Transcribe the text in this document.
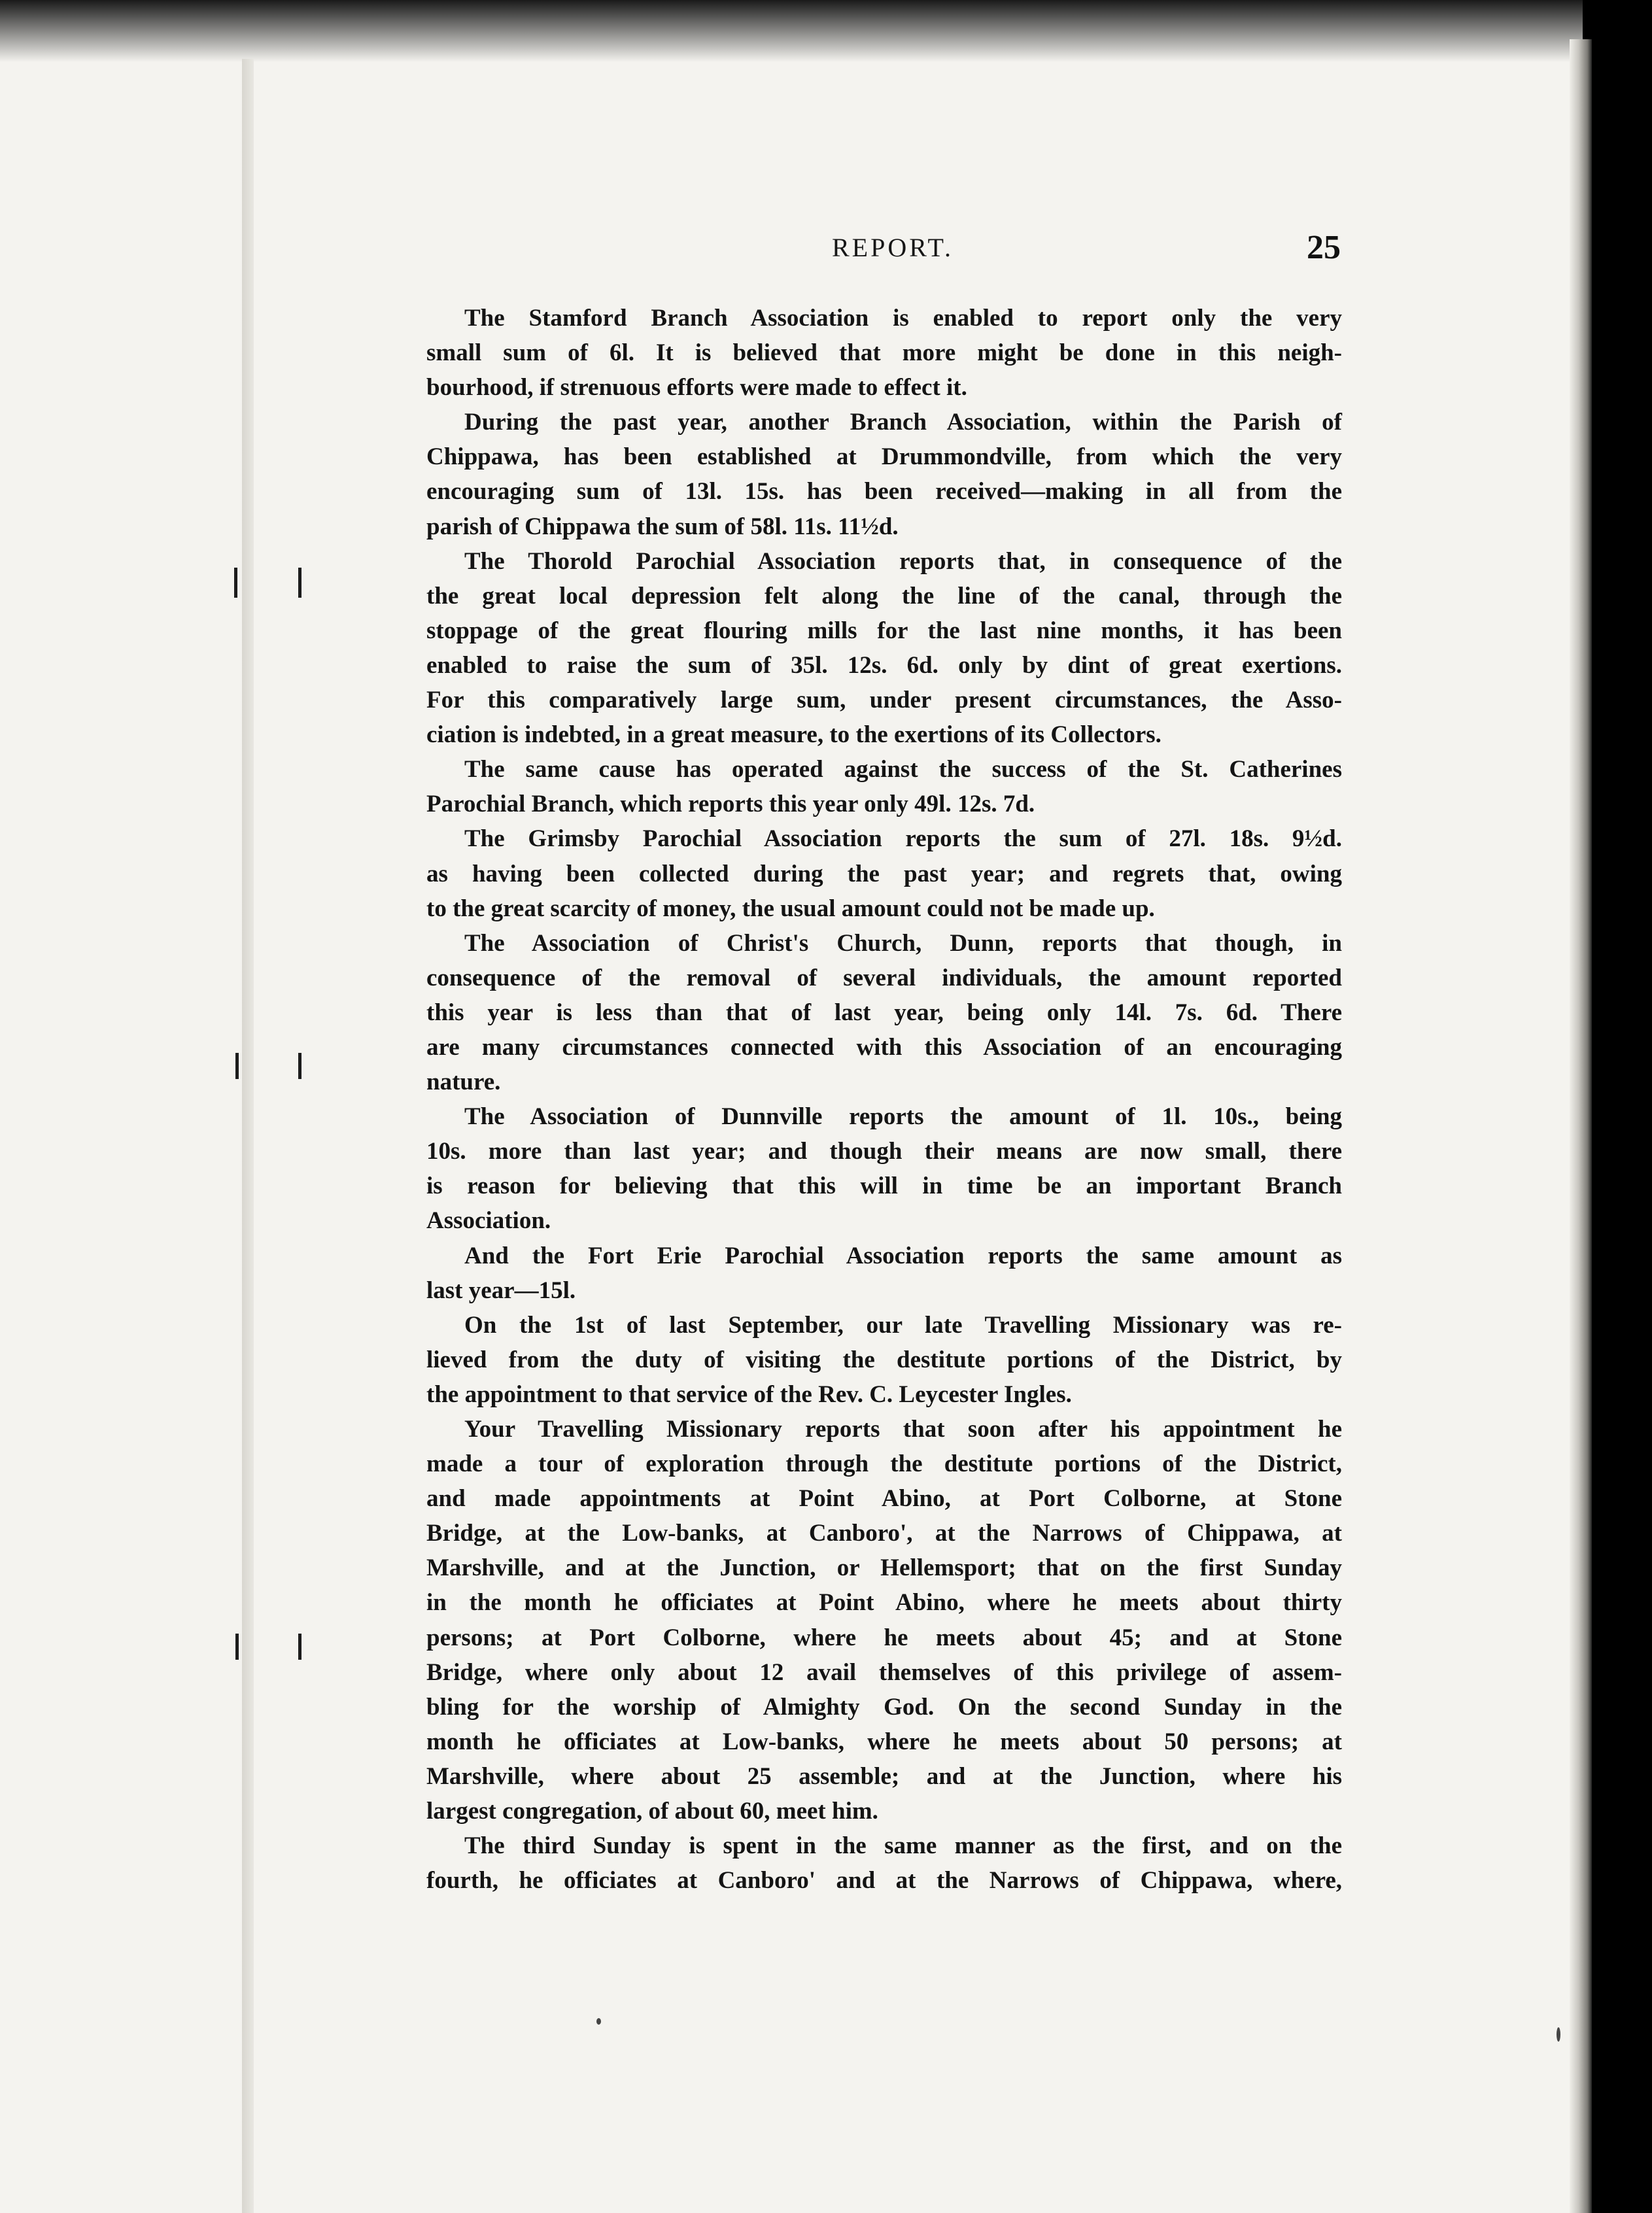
REPORT.	25
The Stamford Branch Association is enabled to report only the very
small sum of 6l. It is believed that more might be done in this neigh-
bourhood, if strenuous efforts were made to effect it.
During the past year, another Branch Association, within the Parish of
Chippawa, has been established at Drummondville, from which the very
encouraging sum of 13l. 15s. has been received—making in all from the
parish of Chippawa the sum of 58l. 11s. 11½d.
The Thorold Parochial Association reports that, in consequence of the
the great local depression felt along the line of the canal, through the
stoppage of the great flouring mills for the last nine months, it has been
enabled to raise the sum of 35l. 12s. 6d. only by dint of great exertions.
For this comparatively large sum, under present circumstances, the Asso-
ciation is indebted, in a great measure, to the exertions of its Collectors.
The same cause has operated against the success of the St. Catherines
Parochial Branch, which reports this year only 49l. 12s. 7d.
The Grimsby Parochial Association reports the sum of 27l. 18s. 9½d.
as having been collected during the past year; and regrets that, owing
to the great scarcity of money, the usual amount could not be made up.
The Association of Christ's Church, Dunn, reports that though, in
consequence of the removal of several individuals, the amount reported
this year is less than that of last year, being only 14l. 7s. 6d. There
are many circumstances connected with this Association of an encouraging
nature.
The Association of Dunnville reports the amount of 1l. 10s., being
10s. more than last year; and though their means are now small, there
is reason for believing that this will in time be an important Branch
Association.
And the Fort Erie Parochial Association reports the same amount as
last year—15l.
On the 1st of last September, our late Travelling Missionary was re-
lieved from the duty of visiting the destitute portions of the District, by
the appointment to that service of the Rev. C. Leycester Ingles.
Your Travelling Missionary reports that soon after his appointment he
made a tour of exploration through the destitute portions of the District,
and made appointments at Point Abino, at Port Colborne, at Stone
Bridge, at the Low-banks, at Canboro', at the Narrows of Chippawa, at
Marshville, and at the Junction, or Hellemsport; that on the first Sunday
in the month he officiates at Point Abino, where he meets about thirty
persons; at Port Colborne, where he meets about 45; and at Stone
Bridge, where only about 12 avail themselves of this privilege of assem-
bling for the worship of Almighty God. On the second Sunday in the
month he officiates at Low-banks, where he meets about 50 persons; at
Marshville, where about 25 assemble; and at the Junction, where his
largest congregation, of about 60, meet him.
The third Sunday is spent in the same manner as the first, and on the
fourth, he officiates at Canboro' and at the Narrows of Chippawa, where,
